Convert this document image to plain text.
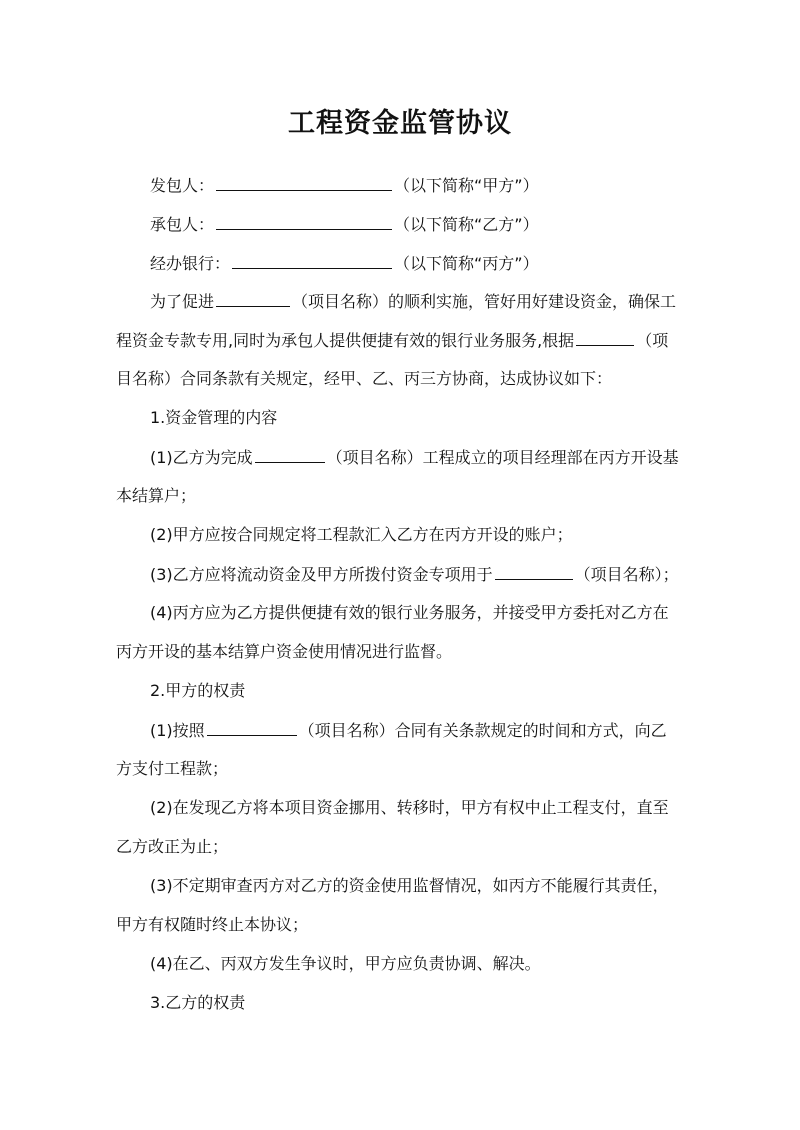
工程资金监管协议
发包人：	（以下简称“甲方”）
承包人：	（以下简称“乙方”）
经办银行：	（以下简称“丙方”）
为了促进	（项目名称）的顺利实施，管好用好建设资金，确保工
程资金专款专用,同时为承包人提供便捷有效的银行业务服务,根据	（项
目名称）合同条款有关规定，经甲、乙、丙三方协商，达成协议如下：
1.资金管理的内容
(1)乙方为完成	（项目名称）工程成立的项目经理部在丙方开设基
本结算户；
(2)甲方应按合同规定将工程款汇入乙方在丙方开设的账户；
(3)乙方应将流动资金及甲方所拨付资金专项用于	（项目名称）；
(4)丙方应为乙方提供便捷有效的银行业务服务，并接受甲方委托对乙方在
丙方开设的基本结算户资金使用情况进行监督。
2.甲方的权责
(1)按照	（项目名称）合同有关条款规定的时间和方式，向乙
方支付工程款；
(2)在发现乙方将本项目资金挪用、转移时，甲方有权中止工程支付，直至
乙方改正为止；
(3)不定期审查丙方对乙方的资金使用监督情况，如丙方不能履行其责任，
甲方有权随时终止本协议；
(4)在乙、丙双方发生争议时，甲方应负责协调、解决。
3.乙方的权责
